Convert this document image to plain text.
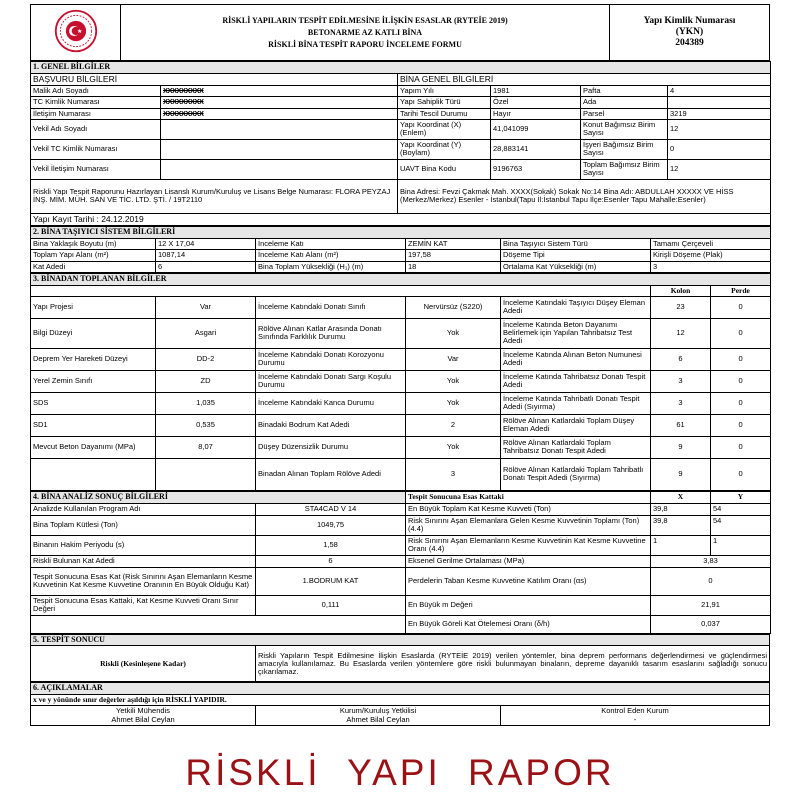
RİSKLİ YAPILARIN TESPİT EDİLMESİNE İLİŞKİN ESASLAR (RYTEİE 2019)
BETONARME AZ KATLI BİNA
RİSKLİ BİNA TESPİT RAPORU İNCELEME FORMU

Yapı Kimlik Numarası
(YKN)
204389
1. GENEL BİLGİLER					
BAŞVURU BİLGİLERİ		BİNA GENEL BİLGİLERİ			
Malik Adı Soyadı	XXXXXXXXX	Yapım Yılı	1981	Pafta	4
TC Kimlik Numarası	XXXXXXXXX	Yapı Sahiplik Türü	Özel	Ada	
İletişim Numarası	XXXXXXXXX	Tarihi Tescil Durumu	Hayır	Parsel	3219
Vekil Adı Soyadı		Yapı Koordinat (X) (Enlem)	41,041099	Konut Bağımsız Birim Sayısı	12
Vekil TC Kimlik Numarası		Yapı Koordinat (Y) (Boylam)	28,883141	İşyeri Bağımsız Birim Sayısı	0
Vekil İletişim Numarası		UAVT Bina Kodu	9196763	Toplam Bağımsız Birim Sayısı	12
Riskli Yapı Tespit Raporunu Hazırlayan Lisanslı Kurum/Kuruluş ve Lisans Belge Numarası: FLORA PEYZAJ İNŞ. MİM. MÜH. SAN VE TİC. LTD. ŞTİ. / 19T2110		Bina Adresi: Fevzi Çakmak Mah. XXXX(Sokak) Sokak No:14 Bina Adı: ABDULLAH XXXXX VE HİSS (Merkez/Merkez) Esenler - İstanbul(Tapu İl:İstanbul Tapu İlçe:Esenler Tapu Mahalle:Esenler)			
Yapı Kayıt Tarihi : 24.12.2019					
2. BİNA TAŞIYICI SİSTEM BİLGİLERİ					
Bina Yaklaşık Boyutu (m)	12 X 17,04	İnceleme Katı	ZEMİN KAT	Bina Taşıyıcı Sistem Türü	Tamamı Çerçeveli
Toplam Yapı Alanı (m²)	1087,14	İnceleme Katı Alanı (m²)	197,58	Döşeme Tipi	Kirişli Döşeme (Plak)
Kat Adedi	6	Bina Toplam Yüksekliği (H₁) (m)	18	Ortalama Kat Yüksekliği (m)	3
3. BİNADAN TOPLANAN BİLGİLER						
					Kolon	Perde
Yapı Projesi	Var	İnceleme Katındaki Donatı Sınıfı	Nervürsüz (S220)	İnceleme Katındaki Taşıyıcı Düşey Eleman Adedi	23	0
Bilgi Düzeyi	Asgari	Rölöve Alınan Katlar Arasında Donatı Sınıfında Farklılık Durumu	Yok	İnceleme Katında Beton Dayanımı Belirlemek için Yapılan Tahribatsız Test Adedi	12	0
Deprem Yer Hareketi Düzeyi	DD-2	İnceleme Katındaki Donatı Korozyonu Durumu	Var	İnceleme Katında Alınan Beton Numunesi Adedi	6	0
Yerel Zemin Sınıfı	ZD	İnceleme Katındaki Donatı Sargı Koşulu Durumu	Yok	İnceleme Katında Tahribatsız Donatı Tespit Adedi	3	0
SDS	1,035	İnceleme Katındaki Kanca Durumu	Yok	İnceleme Katında Tahribatlı Donatı Tespit Adedi (Sıyırma)	3	0
SD1	0,535	Binadaki Bodrum Kat Adedi	2	Rölöve Alınan Katlardaki Toplam Düşey Eleman Adedi	61	0
Mevcut Beton Dayanımı (MPa)	8,07	Düşey Düzensizlik Durumu	Yok	Rölöve Alınan Katlardaki Toplam Tahribatsız Donatı Tespit Adedi	9	0
		Binadan Alınan Toplam Rölöve Adedi	3	Rölöve Alınan Katlardaki Toplam Tahribatlı Donatı Tespit Adedi (Sıyırma)	9	0
4. BİNA ANALİZ SONUÇ BİLGİLERİ		Tespit Sonucuna Esas Kattaki	X	Y
Analizde Kullanılan Program Adı	STA4CAD V 14	En Büyük Toplam Kat Kesme Kuvveti (Ton)	39,8	54
Bina Toplam Kütlesi (Ton)	1049,75	Risk Sınırını Aşan Elemanlara Gelen Kesme Kuvvetinin Toplamı (Ton) (4.4)	39,8	54
Binanın Hakim Periyodu (s)	1,58	Risk Sınırını Aşan Elemanların Kesme Kuvvetinin Kat Kesme Kuvvetine Oranı (4.4)	1	1
Riskli Bulunan Kat Adedi	6	Eksenel Gerilme Ortalaması (MPa)	3,83	
Tespit Sonucuna Esas Kat (Risk Sınırını Aşan Elemanların Kesme Kuvvetinin Kat Kesme Kuvvetine Oranının En Büyük Olduğu Kat)	1.BODRUM KAT	Perdelerin Taban Kesme Kuvvetine Katılım Oranı (αs)	0	
Tespit Sonucuna Esas Kattaki, Kat Kesme Kuvveti Oranı Sınır Değeri	0,111	En Büyük m Değeri	21,91	
		En Büyük Göreli Kat Ötelemesi Oranı (δ/h)	0,037	
5. TESPİT SONUCU
Riskli (Kesinleşene Kadar)	Riskli Yapıların Tespit Edilmesine İlişkin Esaslarda (RYTEİE 2019) verilen yöntemler, bina deprem performans değerlendirmesi ve güçlendirmesi amacıyla kullanılamaz. Bu Esaslarda verilen yöntemlere göre riskli bulunmayan binaların, depreme dayanıklı tasarım esaslarını sağladığı sonucu çıkarılamaz.
6. AÇIKLAMALAR
x ve y yönünde sınır değerler aşıldığı için RİSKLİ YAPIDIR.

Yetkili Mühendis
Ahmet Bilal Ceylan

Kurum/Kuruluş Yetkilisi
Ahmet Bilal Ceylan

Kontrol Eden Kurum
-
RİSKLİ YAPI RAPOR
